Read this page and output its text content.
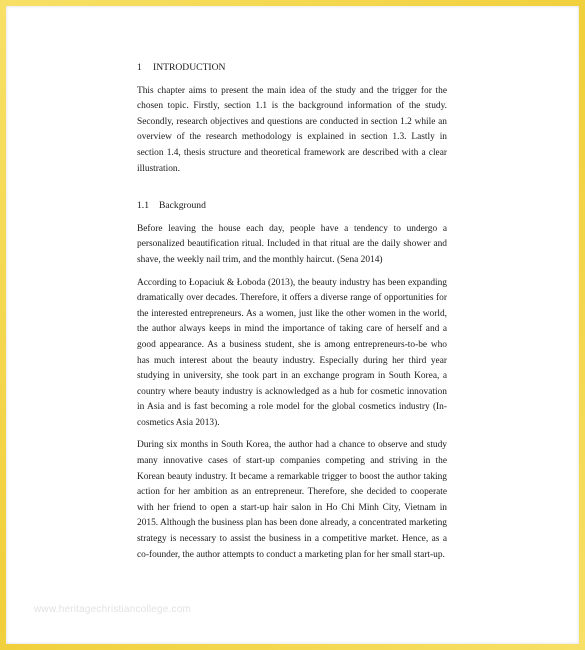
1	INTRODUCTION

This chapter aims to present the main idea of the study and the trigger for the chosen topic. Firstly, section 1.1 is the background information of the study. Secondly, research objectives and questions are conducted in section 1.2 while an overview of the research methodology is explained in section 1.3. Lastly in section 1.4, thesis structure and theoretical framework are described with a clear illustration.

1.1	Background

Before leaving the house each day, people have a tendency to undergo a personalized beautification ritual. Included in that ritual are the daily shower and shave, the weekly nail trim, and the monthly haircut. (Sena 2014)

According to Łopaciuk & Łoboda (2013), the beauty industry has been expanding dramatically over decades. Therefore, it offers a diverse range of opportunities for the interested entrepreneurs. As a women, just like the other women in the world, the author always keeps in mind the importance of taking care of herself and a good appearance. As a business student, she is among entrepreneurs-to-be who has much interest about the beauty industry. Especially during her third year studying in university, she took part in an exchange program in South Korea, a country where beauty industry is acknowledged as a hub for cosmetic innovation in Asia and is fast becoming a role model for the global cosmetics industry (In-cosmetics Asia 2013).

During six months in South Korea, the author had a chance to observe and study many innovative cases of start-up companies competing and striving in the Korean beauty industry. It became a remarkable trigger to boost the author taking action for her ambition as an entrepreneur. Therefore, she decided to cooperate with her friend to open a start-up hair salon in Ho Chi Minh City, Vietnam in 2015. Although the business plan has been done already, a concentrated marketing strategy is necessary to assist the business in a competitive market. Hence, as a co-founder, the author attempts to conduct a marketing plan for her small start-up.

www.heritagechristiancollege.com
